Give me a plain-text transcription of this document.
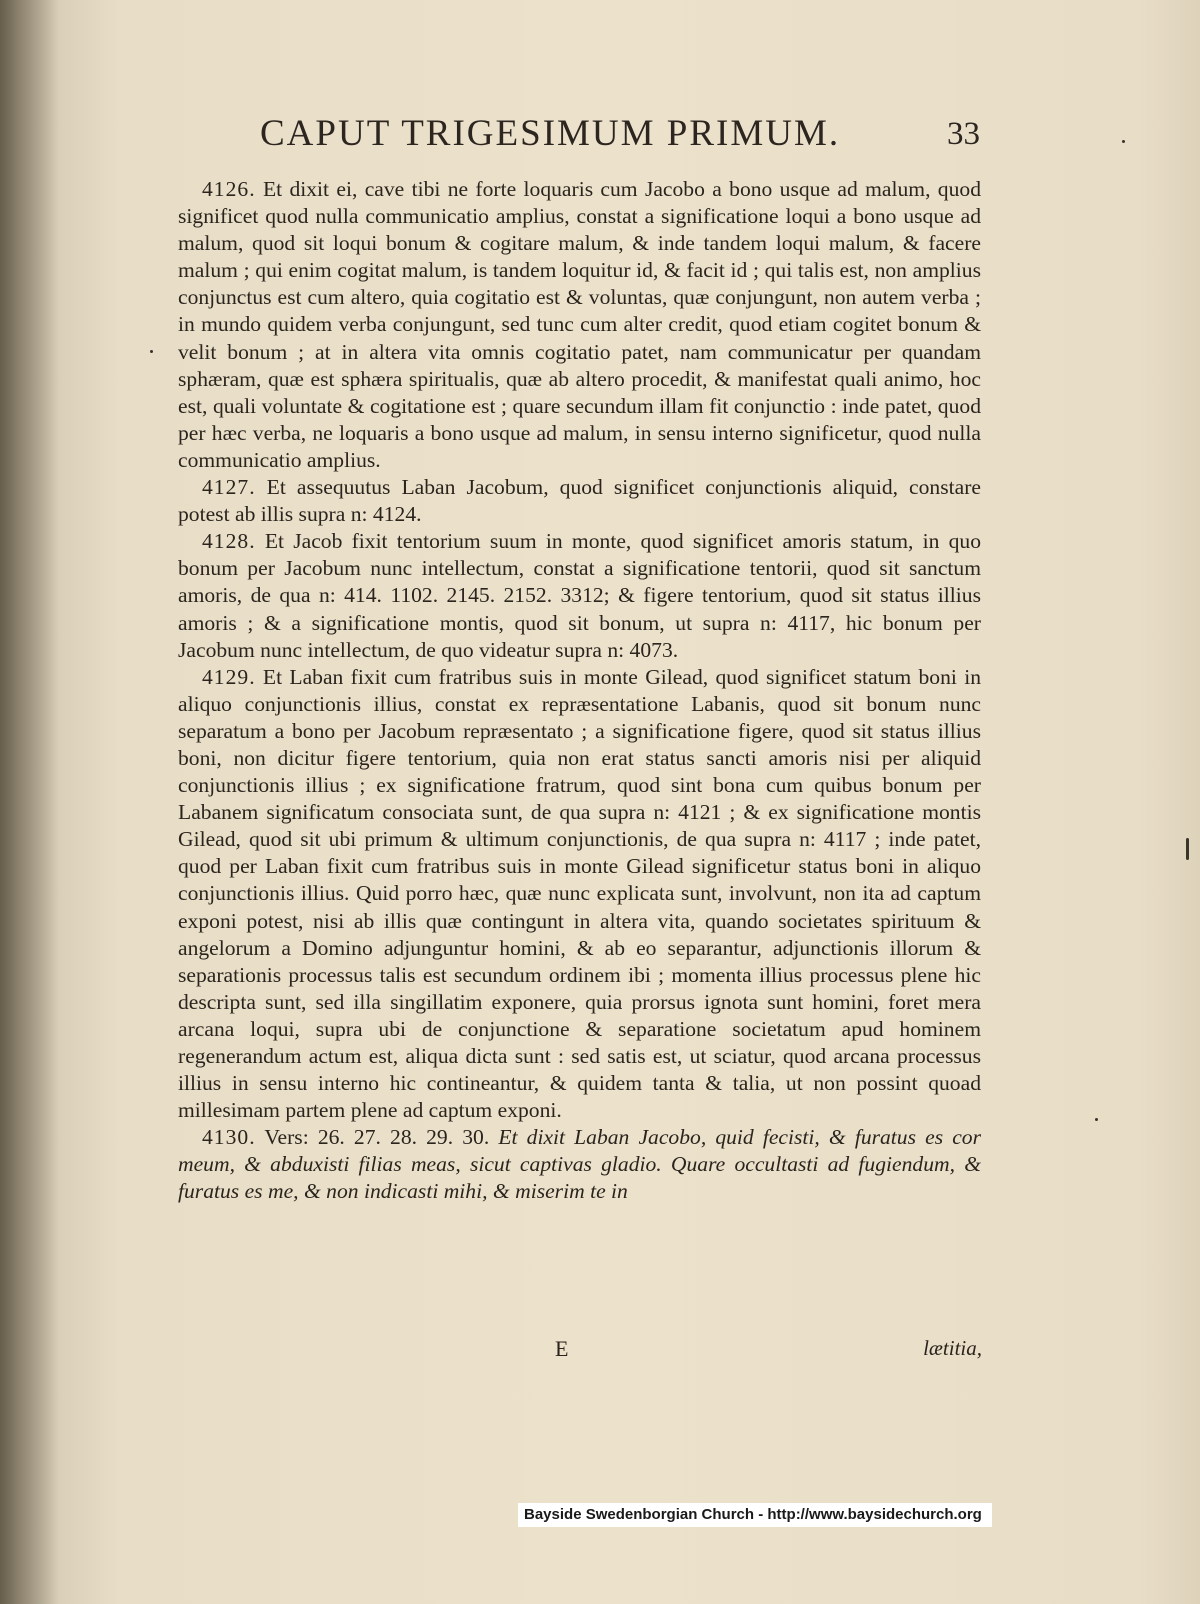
CAPUT TRIGESIMUM PRIMUM.	33

4126. Et dixit ei, cave tibi ne forte loquaris cum Jacobo a bono usque ad malum, quod significet quod nulla communicatio amplius, constat a significatione loqui a bono usque ad malum, quod sit loqui bonum & cogitare malum, & inde tandem loqui malum, & facere malum ; qui enim cogitat malum, is tandem loquitur id, & facit id ; qui talis est, non amplius conjunctus est cum altero, quia cogitatio est & voluntas, quæ conjungunt, non autem verba ; in mundo quidem verba conjungunt, sed tunc cum alter credit, quod etiam cogitet bonum & velit bonum ; at in altera vita omnis cogitatio patet, nam communicatur per quandam sphæram, quæ est sphæra spiritualis, quæ ab altero procedit, & manifestat quali animo, hoc est, quali voluntate & cogitatione est ; quare secundum illam fit conjunctio : inde patet, quod per hæc verba, ne loquaris a bono usque ad malum, in sensu interno significetur, quod nulla communicatio amplius.

4127. Et assequutus Laban Jacobum, quod significet conjunctionis aliquid, constare potest ab illis supra n: 4124.

4128. Et Jacob fixit tentorium suum in monte, quod significet amoris statum, in quo bonum per Jacobum nunc intellectum, constat a significatione tentorii, quod sit sanctum amoris, de qua n: 414. 1102. 2145. 2152. 3312; & figere tentorium, quod sit status illius amoris ; & a significatione montis, quod sit bonum, ut supra n: 4117, hic bonum per Jacobum nunc intellectum, de quo videatur supra n: 4073.

4129. Et Laban fixit cum fratribus suis in monte Gilead, quod significet statum boni in aliquo conjunctionis illius, constat ex repræsentatione Labanis, quod sit bonum nunc separatum a bono per Jacobum repræsentato ; a significatione figere, quod sit status illius boni, non dicitur figere tentorium, quia non erat status sancti amoris nisi per aliquid conjunctionis illius ; ex significatione fratrum, quod sint bona cum quibus bonum per Labanem significatum consociata sunt, de qua supra n: 4121 ; & ex significatione montis Gilead, quod sit ubi primum & ultimum conjunctionis, de qua supra n: 4117 ; inde patet, quod per Laban fixit cum fratribus suis in monte Gilead significetur status boni in aliquo conjunctionis illius. Quid porro hæc, quæ nunc explicata sunt, involvunt, non ita ad captum exponi potest, nisi ab illis quæ contingunt in altera vita, quando societates spirituum & angelorum a Domino adjunguntur homini, & ab eo separantur, adjunctionis illorum & separationis processus talis est secundum ordinem ibi ; momenta illius processus plene hic descripta sunt, sed illa singillatim exponere, quia prorsus ignota sunt homini, foret mera arcana loqui, supra ubi de conjunctione & separatione societatum apud hominem regenerandum actum est, aliqua dicta sunt : sed satis est, ut sciatur, quod arcana processus illius in sensu interno hic contineantur, & quidem tanta & talia, ut non possint quoad millesimam partem plene ad captum exponi.

4130. Vers: 26. 27. 28. 29. 30. Et dixit Laban Jacobo, quid fecisti, & furatus es cor meum, & abduxisti filias meas, sicut captivas gladio. Quare occultasti ad fugiendum, & furatus es me, & non indicasti mihi, & miserim te in

E	lætitia,
Bayside Swedenborgian Church - http://www.baysidechurch.org
